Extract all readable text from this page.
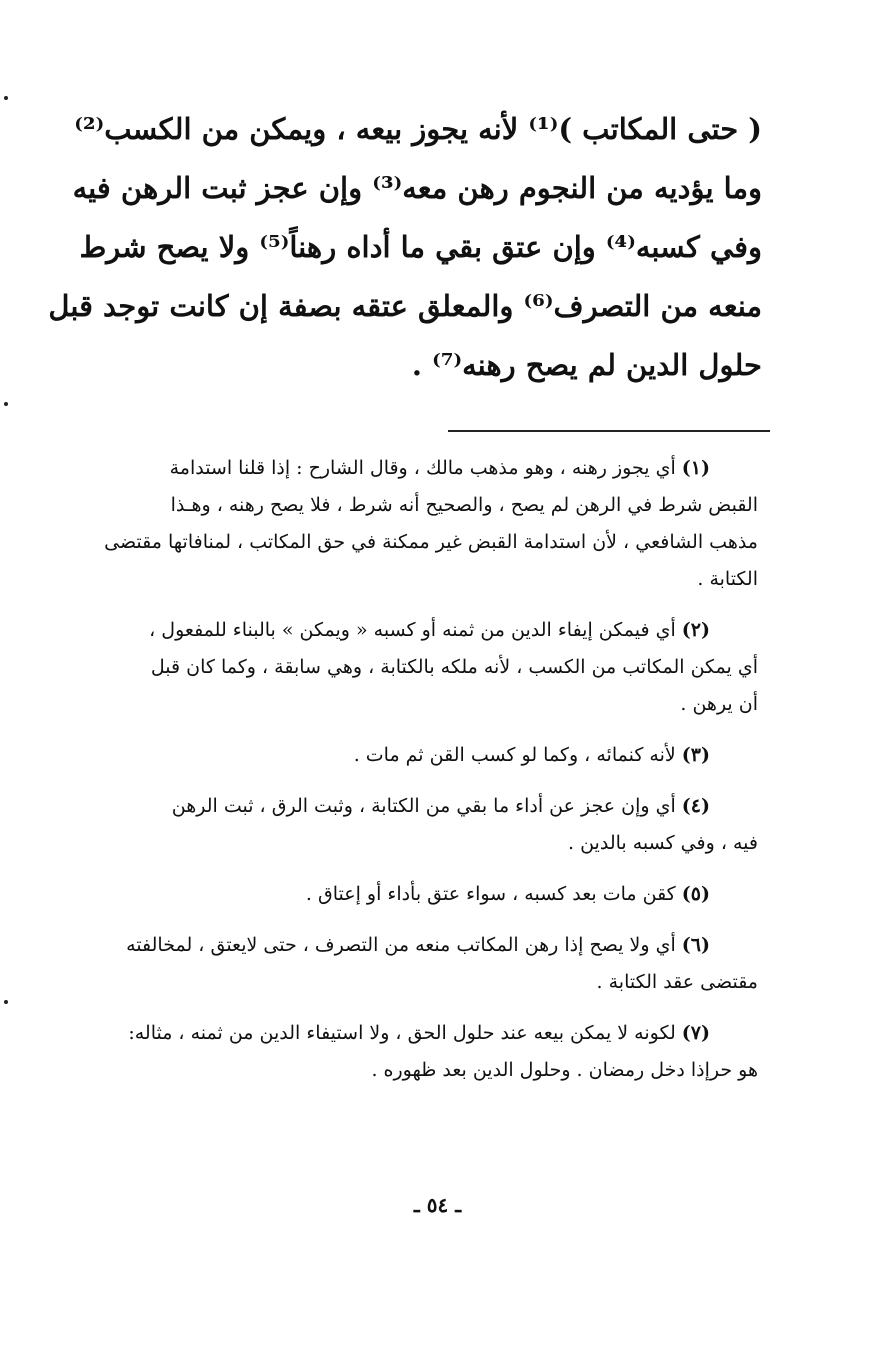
( حتى المكاتب )⁽¹⁾ لأنه يجوز بيعه ، ويمكن من الكسب⁽²⁾
وما يؤديه من النجوم رهن معه⁽³⁾ وإن عجز ثبت الرهن فيه
وفي كسبه⁽⁴⁾ وإن عتق بقي ما أداه رهناً⁽⁵⁾ ولا يصح شرط
منعه من التصرف⁽⁶⁾ والمعلق عتقه بصفة إن كانت توجد قبل
حلول الدين لم يصح رهنه⁽⁷⁾ .
(١) أي يجوز رهنه ، وهو مذهب مالك ، وقال الشارح : إذا قلنا استدامة
القبض شرط في الرهن لم يصح ، والصحيح أنه شرط ، فلا يصح رهنه ، وهـذا
مذهب الشافعي ، لأن استدامة القبض غير ممكنة في حق المكاتب ، لمنافاتها مقتضى
الكتابة .
(٢) أي فيمكن إيفاء الدين من ثمنه أو كسبه « ويمكن » بالبناء للمفعول ،
أي يمكن المكاتب من الكسب ، لأنه ملكه بالكتابة ، وهي سابقة ، وكما كان قبل
أن يرهن .
(٣) لأنه كنمائه ، وكما لو كسب القن ثم مات .
(٤) أي وإن عجز عن أداء ما بقي من الكتابة ، وثبت الرق ، ثبت الرهن
فيه ، وفي كسبه بالدين .
(٥) كقن مات بعد كسبه ، سواء عتق بأداء أو إعتاق .
(٦) أي ولا يصح إذا رهن المكاتب منعه من التصرف ، حتى لايعتق ، لمخالفته
مقتضى عقد الكتابة .
(٧) لكونه لا يمكن بيعه عند حلول الحق ، ولا استيفاء الدين من ثمنه ، مثاله:
هو حرإذا دخل رمضان . وحلول الدين بعد ظهوره .
ـ ٥٤ ـ
